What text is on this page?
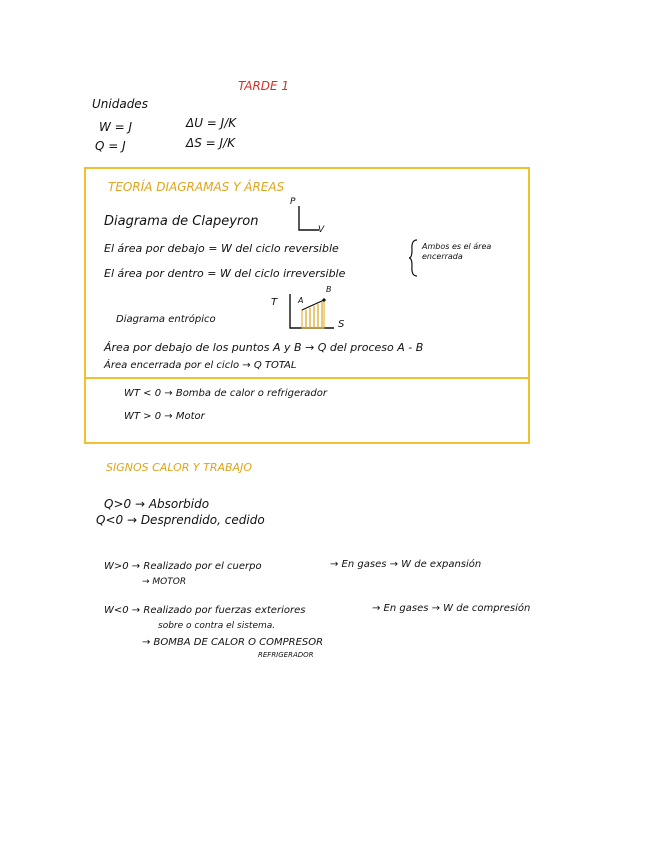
TARDE 1
Unidades
W = J
Q = J
ΔU = J/K
ΔS = J/K
TEORÍA DIAGRAMAS Y ÁREAS
Diagrama de Clapeyron
P
V
El área por debajo = W del ciclo reversible
El área por dentro = W del ciclo irreversible
Ambos es el área encerrada
Diagrama entrópico
T
S
A
B
Área por debajo de los puntos A y B → Q del proceso A - B
Área encerrada por el ciclo → Q TOTAL
WT < 0 → Bomba de calor o refrigerador
WT > 0 → Motor
SIGNOS CALOR Y TRABAJO
Q>0 → Absorbido
Q<0 → Desprendido, cedido
W>0 → Realizado por el cuerpo	→ En gases → W de expansión
→ MOTOR
W<0 → Realizado por fuerzas exteriores	→ En gases → W de compresión
sobre o contra el sistema.
→ BOMBA DE CALOR O COMPRESOR
REFRIGERADOR
